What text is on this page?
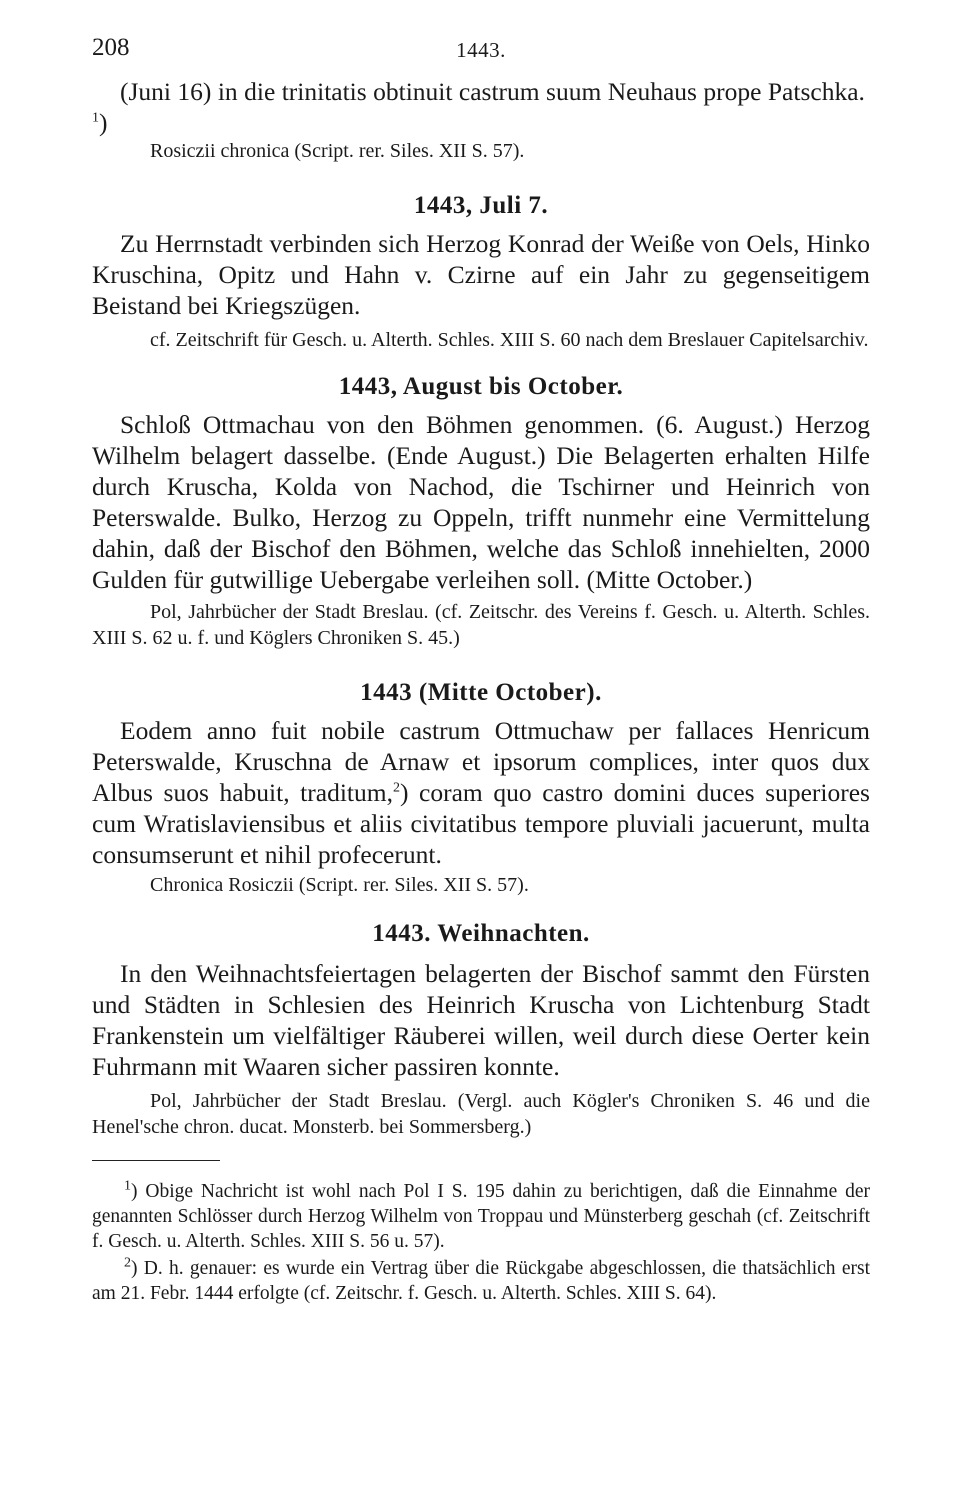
208	1443.

(Juni 16) in die trinitatis obtinuit castrum suum Neuhaus prope Patschka. $^1$)

Rosiczii chronica (Script. rer. Siles. XII S. 57).

1443, Juli 7.

Zu Herrnstadt verbinden sich Herzog Konrad der Weiße von Oels, Hinko Kruschina, Opitz und Hahn v. Czirne auf ein Jahr zu gegenseitigem Beistand bei Kriegszügen.

cf. Zeitschrift für Gesch. u. Alterth. Schles. XIII S. 60 nach dem Breslauer Capitelsarchiv.

1443, August bis October.

Schloß Ottmachau von den Böhmen genommen. (6. August.) Herzog Wilhelm belagert dasselbe. (Ende August.) Die Belagerten erhalten Hilfe durch Kruscha, Kolda von Nachod, die Tschirner und Heinrich von Peterswalde. Bulko, Herzog zu Oppeln, trifft nunmehr eine Vermittelung dahin, daß der Bischof den Böhmen, welche das Schloß innehielten, 2000 Gulden für gutwillige Uebergabe verleihen soll. (Mitte October.)

Pol, Jahrbücher der Stadt Breslau. (cf. Zeitschr. des Vereins f. Gesch. u. Alterth. Schles. XIII S. 62 u. f. und Köglers Chroniken S. 45.)

1443 (Mitte October).

Eodem anno fuit nobile castrum Ottmuchaw per fallaces Henricum Peterswalde, Kruschna de Arnaw et ipsorum complices, inter quos dux Albus suos habuit, traditum,$^2$) coram quo castro domini duces superiores cum Wratislaviensibus et aliis civitatibus tempore pluviali jacuerunt, multa consumserunt et nihil profecerunt.

Chronica Rosiczii (Script. rer. Siles. XII S. 57).

1443. Weihnachten.

In den Weihnachtsfeiertagen belagerten der Bischof sammt den Fürsten und Städten in Schlesien des Heinrich Kruscha von Lichtenburg Stadt Frankenstein um vielfältiger Räuberei willen, weil durch diese Oerter kein Fuhrmann mit Waaren sicher passiren konnte.

Pol, Jahrbücher der Stadt Breslau. (Vergl. auch Kögler's Chroniken S. 46 und die Henel'sche chron. ducat. Monsterb. bei Sommersberg.)

$^1$) Obige Nachricht ist wohl nach Pol I S. 195 dahin zu berichtigen, daß die Einnahme der genannten Schlösser durch Herzog Wilhelm von Troppau und Münsterberg geschah (cf. Zeitschrift f. Gesch. u. Alterth. Schles. XIII S. 56 u. 57).

$^2$) D. h. genauer: es wurde ein Vertrag über die Rückgabe abgeschlossen, die thatsächlich erst am 21. Febr. 1444 erfolgte (cf. Zeitschr. f. Gesch. u. Alterth. Schles. XIII S. 64).
